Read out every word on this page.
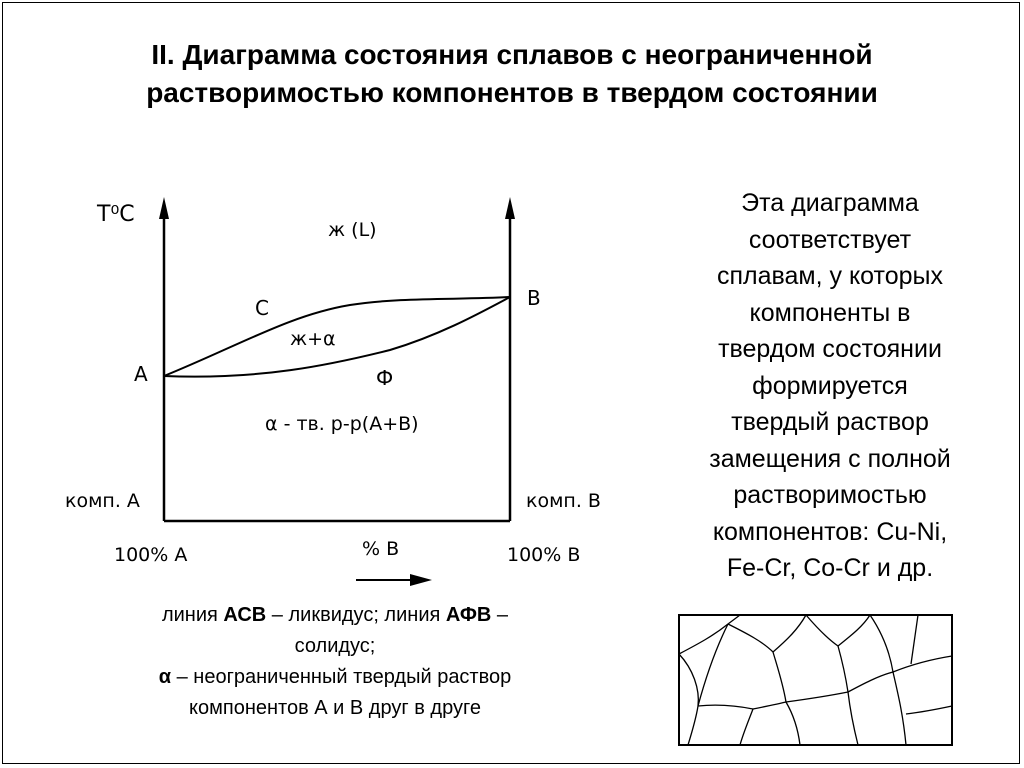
II. Диаграмма состояния сплавов с неограниченной
растворимостью компонентов в твердом состоянии
T⁰C
ж (L)
С
ж+α
В
А	Ф
α - тв. р-р(А+В)
комп. А	комп. В
100% А	% В	100% В
линия АСВ – ликвидус; линия АФВ –
солидус;
α – неограниченный твердый раствор
компонентов А и В друг в друге
Эта диаграмма
соответствует
сплавам, у которых
компоненты в
твердом состоянии
формируется
твердый раствор
замещения с полной
растворимостью
компонентов: Cu-Ni,
Fe-Cr, Co-Cr и др.
